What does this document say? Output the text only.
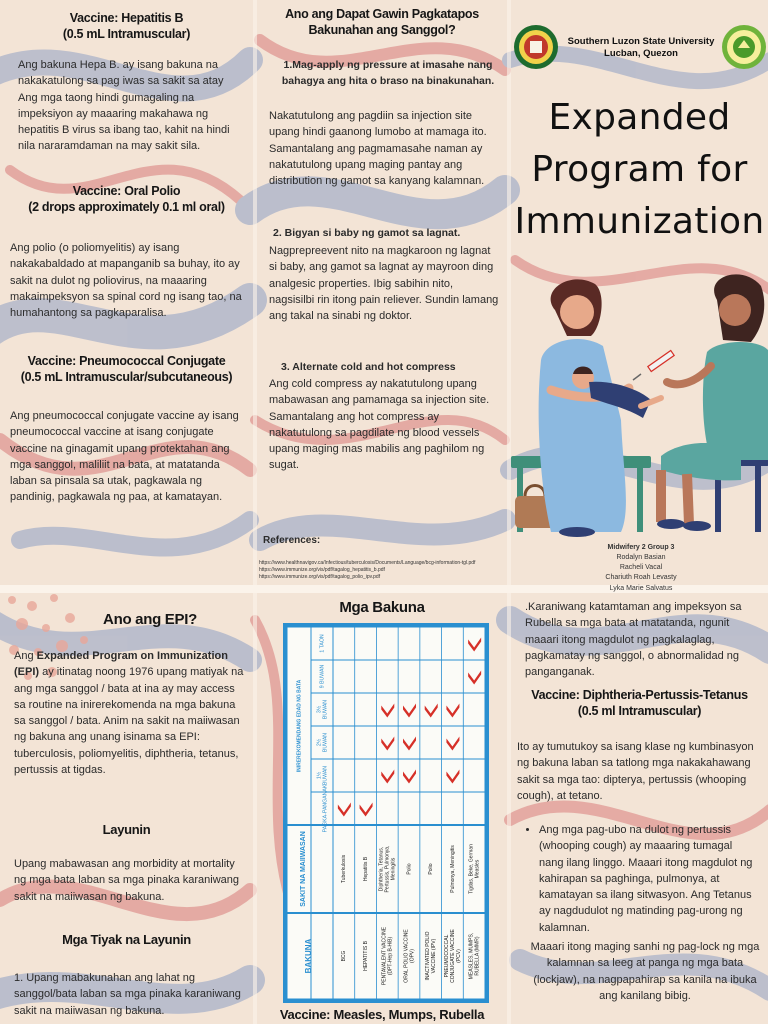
Vaccine: Hepatitis B
(0.5 mL Intramuscular)

Ang bakuna Hepa B. ay isang bakuna na nakakatulong sa pag iwas sa sakit sa atay Ang mga taong hindi gumagaling na impeksiyon ay maaaring makahawa ng hepatitis B virus sa ibang tao, kahit na hindi nila nararamdaman na may sakit sila.

Vaccine: Oral Polio
(2 drops approximately 0.1 ml oral)

Ang polio (o poliomyelitis) ay isang nakakabaldado at mapanganib sa buhay, ito ay sakit na dulot ng poliovirus, na maaaring makaimpeksyon sa spinal cord ng isang tao, na humahantong sa pagkaparalisa.

Vaccine: Pneumococcal Conjugate
(0.5 mL Intramuscular/subcutaneous)

Ang pneumococcal conjugate vaccine ay isang pneumococcal vaccine at isang conjugate vaccine na ginagamit upang protektahan ang mga sanggol, maliliit na bata, at matatanda laban sa pinsala sa utak, pagkawala ng pandinig, pagkawala ng paa, at kamatayan.

Ano ang Dapat Gawin Pagkatapos
Bakunahan ang Sanggol?

1.Mag-apply ng pressure at imasahe nang bahagya ang hita o braso na binakunahan.

Nakatutulong ang pagdiin sa injection site upang hindi gaanong lumobo at mamaga ito. Samantalang ang pagmamasahe naman ay nakatutulong upang maging pantay ang distribution ng gamot sa kanyang kalamnan.

2. Bigyan si baby ng gamot sa lagnat.

Nagprepreevent nito na magkaroon ng lagnat si baby, ang gamot sa lagnat ay mayroon ding analgesic properties. Ibig sabihin nito, nagsisilbi rin itong pain reliever. Sundin lamang ang takal na sinabi ng doktor.

3. Alternate cold and hot compress

Ang cold compress ay nakatutulong upang mabawasan ang pamamaga sa injection site. Samantalang ang hot compress ay nakatutulong sa pagdilate ng blood vessels upang maging mas mabilis ang paghilom ng sugat.

References:

https://www.healthnavigov.ca/Infectious/tuberculosis/Documents/Language/bcg-information-tgl.pdf
https://www.immunize.org/vis/pdf/tagalog_hepatitis_b.pdf
https://www.immunize.org/vis/pdf/tagalog_polio_ipv.pdf
Southern Luzon State University
Lucban, Quezon
Expanded
Program for
Immunization
Midwifery 2 Group 3
Rodalyn Basian
Racheli Vacal
Chariuth Roah Levasty
Lyka Marie Salvatus
Ano ang EPI?

Ang Expanded Program on Immunization (EPI) ay itinatag noong 1976 upang matiyak na ang mga sanggol / bata at ina ay may access sa routine na inirerekomenda na mga bakuna sa sanggol / bata. Anim na sakit na maiiwasan ng bakuna ang unang isinama sa EPI: tuberculosis, poliomyelitis, diphtheria, tetanus, pertussis at tigdas.

Layunin

Upang mabawasan ang morbidity at mortality ng mga bata laban sa mga pinaka karaniwang sakit na maiiwasan ng bakuna.

Mga Tiyak na Layunin

1. Upang mabakunahan ang lahat ng sanggol/bata laban sa mga pinaka karaniwang sakit na maiiwasan ng bakuna.

Mga Bakuna
INIREREKOMENDANG EDAD NG BATA
SAKIT NA MAIIWASAN
BAKUNA
PAGKA-PANGANAK
1½ BUWAN
2½ BUWAN
3½ BUWAN
9 BUWAN
1 TAON
Tuberkulosis
BCG
Hepatitis B
HEPATITIS B
Diphtheria, Tetanus, Pertussis, Pulmonya, Meningitis
PENTAVALENT VACCINE (DPT-Hep B-HiB)
Polio
ORAL POLIO VACCINE (OPV)
Polio
INACTIVATED POLIO VACCINE (IPV)
Pulmonya, Meningitis
PNEUMOCOCCAL CONJUGATE VACCINE (PCV)
Tigdas, Beke, German Measles
MEASLES, MUMPS, RUBELLA (MMR)
Vaccine: Measles, Mumps, Rubella

.Karaniwang katamtaman ang impeksyon sa Rubella sa mga bata at matatanda, ngunit maaari itong magdulot ng pagkalaglag, pagkamatay ng sanggol, o abnormalidad ng panganganak.

Vaccine: Diphtheria-Pertussis-Tetanus
(0.5 ml Intramuscular)

Ito ay tumutukoy sa isang klase ng kumbinasyon ng bakuna laban sa tatlong mga nakakahawang sakit sa mga tao: dipterya, pertussis (whooping cough), at tetano.

• Ang mga pag-ubo na dulot ng pertussis (whooping cough) ay maaaring tumagal nang ilang linggo. Maaari itong magdulot ng kahirapan sa paghinga, pulmonya, at kamatayan sa ilang sitwasyon. Ang Tetanus ay nagdudulot ng matinding pag-urong ng kalamnan.

Maaari itong maging sanhi ng pag-lock ng mga kalamnan sa leeg at panga ng mga bata (lockjaw), na nagpapahirap sa kanila na ibuka ang kanilang bibig.
